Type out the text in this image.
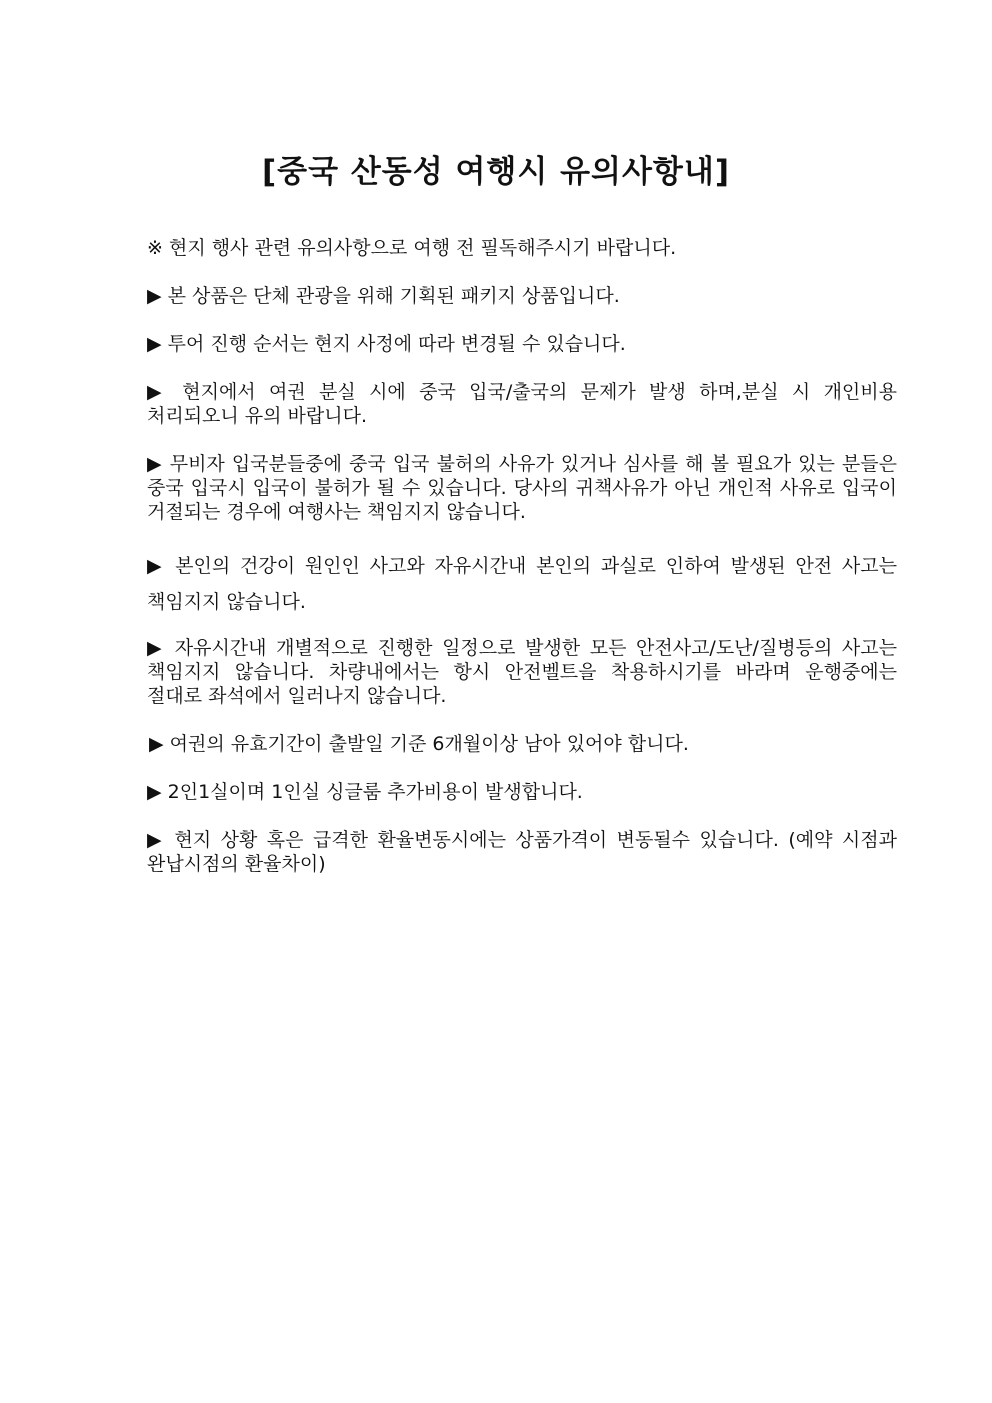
[중국 산동성 여행시 유의사항내]

※ 현지 행사 관련 유의사항으로 여행 전 필독해주시기 바랍니다.

▶ 본 상품은 단체 관광을 위해 기획된 패키지 상품입니다.

▶ 투어 진행 순서는 현지 사정에 따라 변경될 수 있습니다.

▶ 현지에서 여권 분실 시에 중국 입국/출국의 문제가 발생 하며,분실 시 개인비용 처리되오니 유의 바랍니다.

▶ 무비자 입국분들중에 중국 입국 불허의 사유가 있거나 심사를 해 볼 필요가 있는 분들은 중국 입국시 입국이 불허가 될 수 있습니다. 당사의 귀책사유가 아닌 개인적 사유로 입국이 거절되는 경우에 여행사는 책임지지 않습니다.

▶ 본인의 건강이 원인인 사고와 자유시간내 본인의 과실로 인하여 발생된 안전 사고는 책임지지 않습니다.

▶ 자유시간내 개별적으로 진행한 일정으로 발생한 모든 안전사고/도난/질병등의 사고는 책임지지 않습니다. 차량내에서는 항시 안전벨트을 착용하시기를 바라며 운행중에는 절대로 좌석에서 일러나지 않습니다.

▶ 여권의 유효기간이 출발일 기준 6개월이상 남아 있어야 합니다.

▶ 2인1실이며 1인실 싱글룸 추가비용이 발생합니다.

▶ 현지 상황 혹은 급격한 환율변동시에는 상품가격이 변동될수 있습니다. (예약 시점과 완납시점의 환율차이)
